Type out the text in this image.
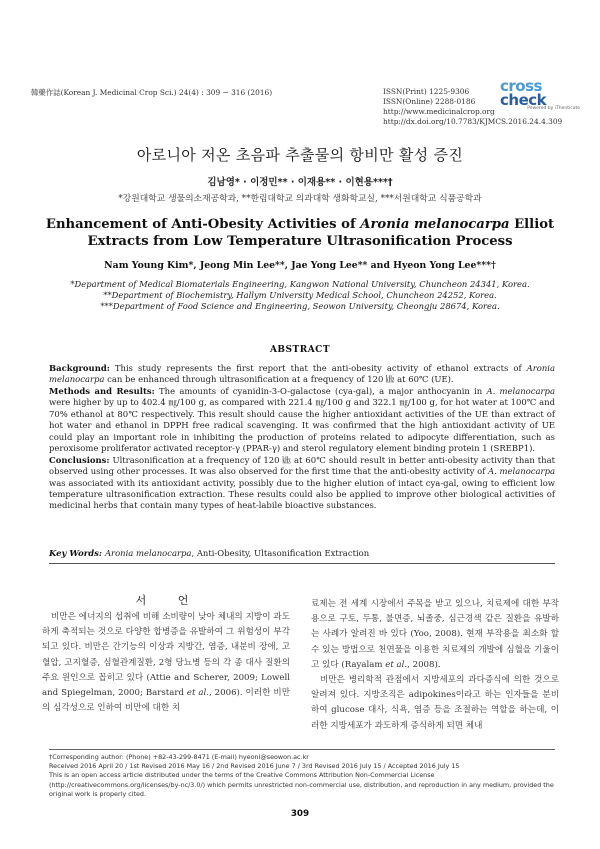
韓藥作誌(Korean J. Medicinal Crop Sci.) 24(4) : 309 − 316 (2016)	ISSN(Print) 1225-9306
ISSN(Online) 2288-0186
http://www.medicinalcrop.org
http://dx.doi.org/10.7783/KJMCS.2016.24.4.309
cross
check
Powered by iThenticate
아로니아 저온 초음파 추출물의 항비만 활성 증진
김남영* · 이정민** · 이재용** · 이현용***†
*강원대학교 생물의소재공학과, **한림대학교 의과대학 생화학교실, ***서원대학교 식품공학과
Enhancement of Anti-Obesity Activities of Aronia melanocarpa Elliot
Extracts from Low Temperature Ultrasonification Process
Nam Young Kim*, Jeong Min Lee**, Jae Yong Lee** and Hyeon Yong Lee***†
*Department of Medical Biomaterials Engineering, Kangwon National University, Chuncheon 24341, Korea.
**Department of Biochemistry, Hallym University Medical School, Chuncheon 24252, Korea.
***Department of Food Science and Engineering, Seowon University, Cheongju 28674, Korea.
ABSTRACT

Background: This study represents the first report that the anti-obesity activity of ethanol extracts of Aronia melanocarpa can be enhanced through ultrasonification at a frequency of 120 ㎑ at 60℃ (UE).

Methods and Results: The amounts of cyanidin-3-O-galactose (cya-gal), a major anthocyanin in A. melanocarpa were higher by up to 402.4 ㎎/100 g, as compared with 221.4 ㎎/100 g and 322.1 ㎎/100 g, for hot water at 100℃ and 70% ethanol at 80℃ respectively. This result should cause the higher antioxidant activities of the UE than extract of hot water and ethanol in DPPH free radical scavenging. It was confirmed that the high antioxidant activity of UE could play an important role in inhibiting the production of proteins related to adipocyte differentiation, such as peroxisome proliferator activated receptor-γ (PPAR-γ) and sterol regulatory element binding protein 1 (SREBP1).

Conclusions: Ultrasonification at a frequency of 120 ㎑ at 60℃ should result in better anti-obesity activity than that observed using other processes. It was also observed for the first time that the anti-obesity activity of A. melanocarpa was associated with its antioxidant activity, possibly due to the higher elution of intact cya-gal, owing to efficient low temperature ultrasonification extraction. These results could also be applied to improve other biological activities of medicinal herbs that contain many types of heat-labile bioactive substances.

Key Words: Aronia melanocarpa, Anti-Obesity, Ultasonification Extraction
서 언

비만은 에너지의 섭취에 비해 소비량이 낮아 체내의 지방이 과도하게 축적되는 것으로 다양한 합병증을 유발하여 그 위험성이 부각되고 있다. 비만은 간기능의 이상과 지방간, 염증, 내분비 장애, 고혈압, 고지혈증, 심혈관계질환, 2형 당뇨병 등의 각 종 대사 질환의 주요 원인으로 꼽히고 있다 (Attie and Scherer, 2009; Lowell and Spiegelman, 2000; Barstard et al., 2006). 이러한 비만의 심각성으로 인하여 비만에 대한 치

료제는 전 세계 시장에서 주목을 받고 있으나, 치료제에 대한 부작용으로 구토, 두통, 불면증, 뇌졸중, 심근경색 같은 질환을 유발하는 사례가 알려진 바 있다 (Yoo, 2008). 현재 부작용을 최소화 할 수 있는 방법으로 천연물을 이용한 치료제의 개발에 심혈을 기울이고 있다 (Rayalam et al., 2008).

비만은 병리학적 관점에서 지방세포의 과다증식에 의한 것으로 알려져 있다. 지방조직은 adipokines이라고 하는 인자들을 분비하여 glucose 대사, 식욕, 염증 등을 조절하는 역할을 하는데, 이러한 지방세포가 과도하게 증식하게 되면 체내

†Corresponding author: (Phone) +82-43-299-8471 (E-mail) hyeonl@seowon.ac.kr
Received 2016 April 20 / 1st Revised 2016 May 16 / 2nd Revised 2016 June 7 / 3rd Revised 2016 July 15 / Accepted 2016 July 15
This is an open access article distributed under the terms of the Creative Commons Attribution Non-Commercial License (http://creativecommons.org/licenses/by-nc/3.0/) which permits unrestricted non-commercial use, distribution, and reproduction in any medium, provided the original work is properly cited.
309
